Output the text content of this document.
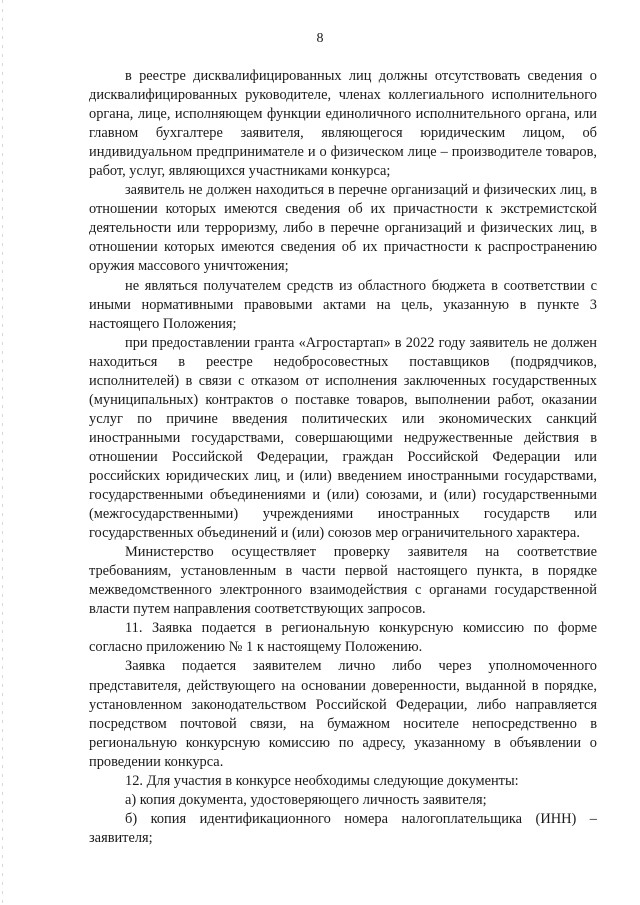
8

в реестре дисквалифицированных лиц должны отсутствовать сведения о дисквалифицированных руководителе, членах коллегиального исполнительного органа, лице, исполняющем функции единоличного исполнительного органа, или главном бухгалтере заявителя, являющегося юридическим лицом, об индивидуальном предпринимателе и о физическом лице – производителе товаров, работ, услуг, являющихся участниками конкурса;

заявитель не должен находиться в перечне организаций и физических лиц, в отношении которых имеются сведения об их причастности к экстремистской деятельности или терроризму, либо в перечне организаций и физических лиц, в отношении которых имеются сведения об их причастности к распространению оружия массового уничтожения;

не являться получателем средств из областного бюджета в соответствии с иными нормативными правовыми актами на цель, указанную в пункте 3 настоящего Положения;

при предоставлении гранта «Агростартап» в 2022 году заявитель не должен находиться в реестре недобросовестных поставщиков (подрядчиков, исполнителей) в связи с отказом от исполнения заключенных государственных (муниципальных) контрактов о поставке товаров, выполнении работ, оказании услуг по причине введения политических или экономических санкций иностранными государствами, совершающими недружественные действия в отношении Российской Федерации, граждан Российской Федерации или российских юридических лиц, и (или) введением иностранными государствами, государственными объединениями и (или) союзами, и (или) государственными (межгосударственными) учреждениями иностранных государств или государственных объединений и (или) союзов мер ограничительного характера.

Министерство осуществляет проверку заявителя на соответствие требованиям, установленным в части первой настоящего пункта, в порядке межведомственного электронного взаимодействия с органами государственной власти путем направления соответствующих запросов.

11. Заявка подается в региональную конкурсную комиссию по форме согласно приложению № 1 к настоящему Положению.

Заявка подается заявителем лично либо через уполномоченного представителя, действующего на основании доверенности, выданной в порядке, установленном законодательством Российской Федерации, либо направляется посредством почтовой связи, на бумажном носителе непосредственно в региональную конкурсную комиссию по адресу, указанному в объявлении о проведении конкурса.

12. Для участия в конкурсе необходимы следующие документы:

а) копия документа, удостоверяющего личность заявителя;

б) копия идентификационного номера налогоплательщика (ИНН) – заявителя;
